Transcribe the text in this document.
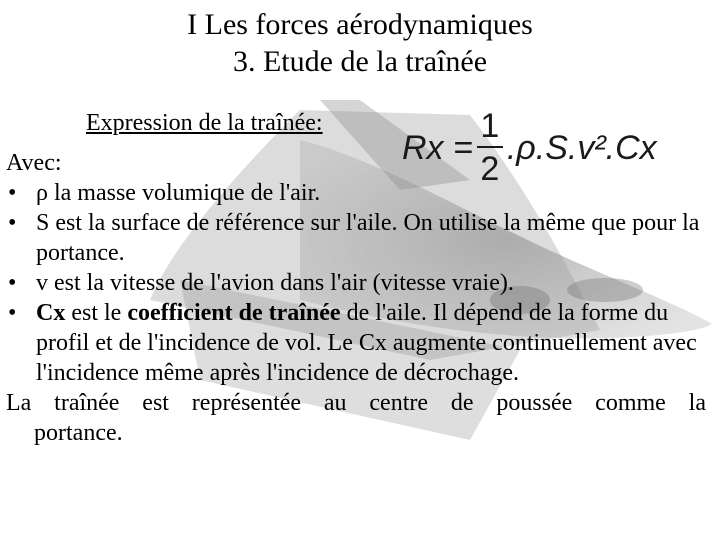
I Les forces aérodynamiques
3. Etude de la traînée
Expression de la traînée:
$Rx = \frac{1}{2} .\rho.S.v^2.Cx$
Avec:
• ρ la masse volumique de l'air.
• S est la surface de référence sur l'aile. On utilise la même que pour la portance.
• v est la vitesse de l'avion dans l'air (vitesse vraie).
• Cx est le coefficient de traînée de l'aile. Il dépend de la forme du profil et de l'incidence de vol. Le Cx augmente continuellement avec l'incidence même après l'incidence de décrochage.
La traînée est représentée au centre de poussée comme la
portance.
